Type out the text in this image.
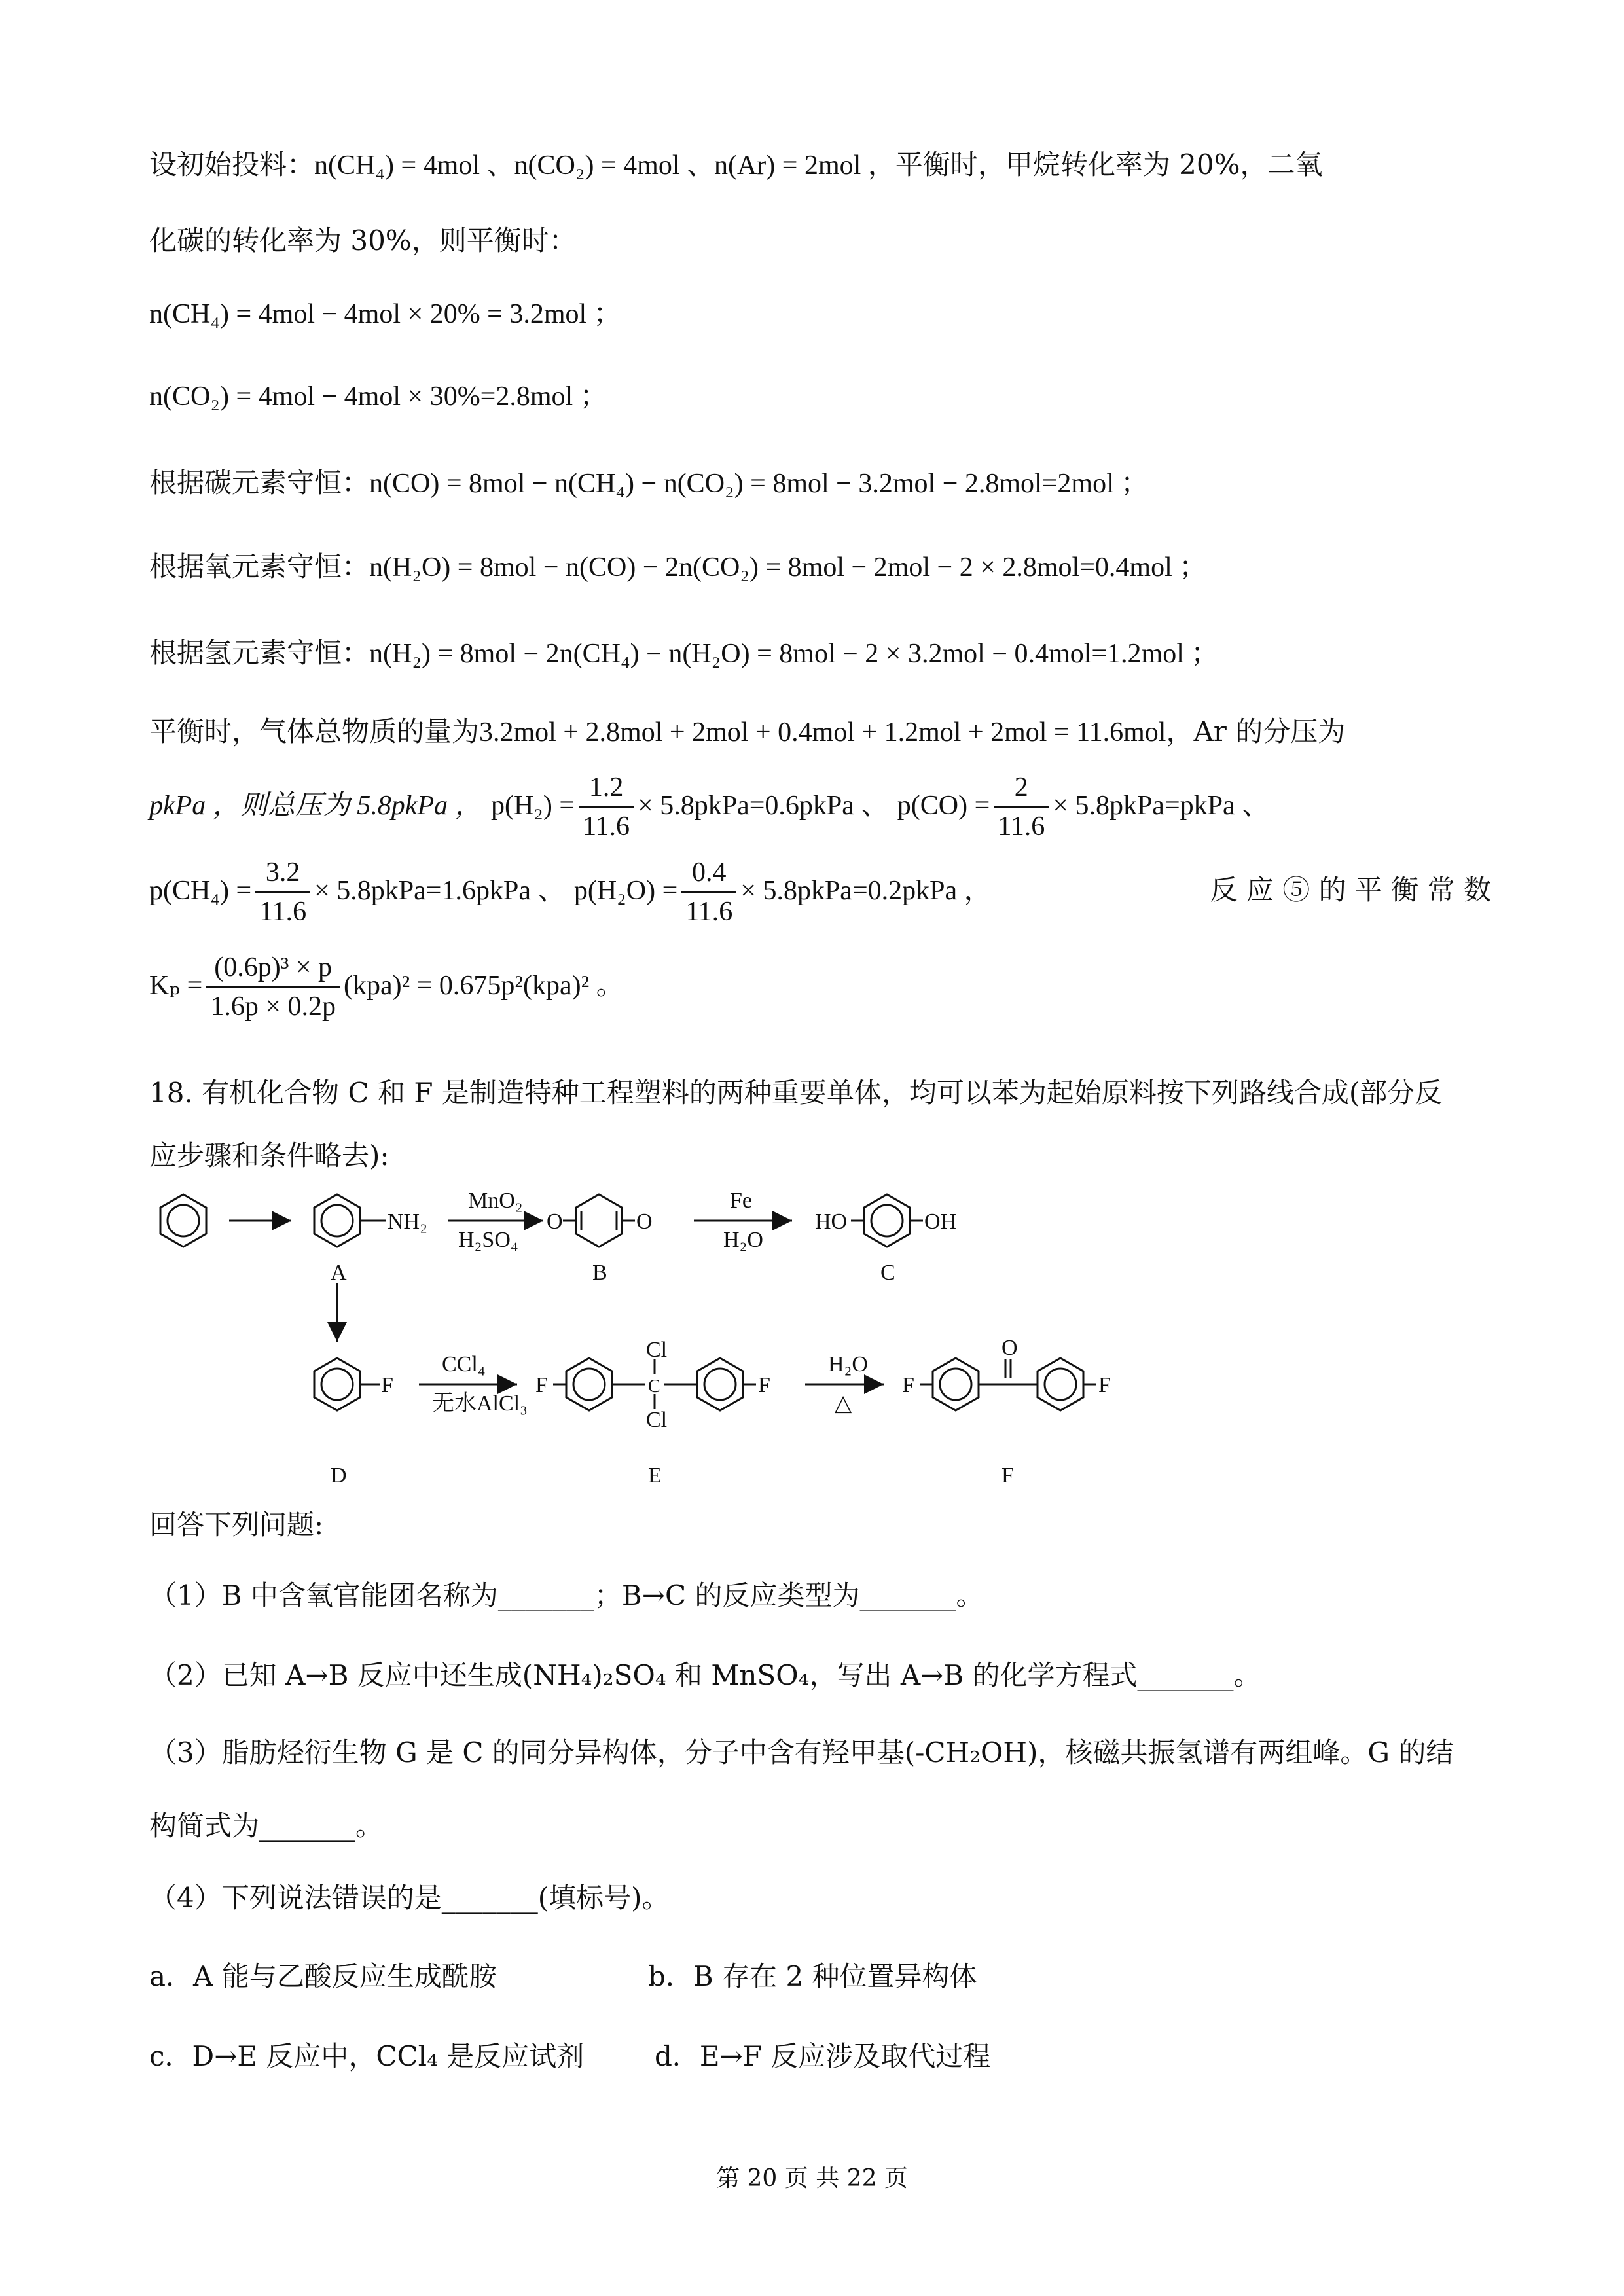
设初始投料：n(CH₄) = 4mol 、n(CO₂) = 4mol 、n(Ar) = 2mol ，平衡时，甲烷转化率为 20%，二氧
化碳的转化率为 30%，则平衡时：
n(CH₄) = 4mol − 4mol × 20% = 3.2mol ；
n(CO₂) = 4mol − 4mol × 30%=2.8mol ；
根据碳元素守恒：n(CO) = 8mol − n(CH₄) − n(CO₂) = 8mol − 3.2mol − 2.8mol=2mol ；
根据氧元素守恒：n(H₂O) = 8mol − n(CO) − 2n(CO₂) = 8mol − 2mol − 2 × 2.8mol=0.4mol ；
根据氢元素守恒：n(H₂) = 8mol − 2n(CH₄) − n(H₂O) = 8mol − 2 × 3.2mol − 0.4mol=1.2mol ；
平衡时，气体总物质的量为3.2mol + 2.8mol + 2mol + 0.4mol + 1.2mol + 2mol = 11.6mol，Ar 的分压为
pkPa ，则总压为 5.8pkPa ， $p(H_2) = \frac{1.2}{11.6}$ × 5.8pkPa=0.6pkPa 、 $p(CO) = \frac{2}{11.6}$ × 5.8pkPa=pkPa 、
$p(CH_4) = \frac{3.2}{11.6}$ × 5.8pkPa=1.6pkPa 、 $p(H_2O) = \frac{0.4}{11.6}$ × 5.8pkPa=0.2pkPa ，	反 应 ⑤ 的 平 衡 常 数
$K_p = \frac{\text{(0.6p)³ × p}}{1.6p \times 0.2p} (kpa)^2 = 0.675p^2(kpa)^2$ 。
18. 有机化合物 C 和 F 是制造特种工程塑料的两种重要单体，均可以苯为起始原料按下列路线合成(部分反
应步骤和条件略去):
NH₂
MnO₂
H₂SO₄
O	O
Fe
H₂O
HO	OH
A	B	C
F
CCl₄
无水AlCl₃
F
Cl
C
Cl
F
H₂O
△
F
O
F
D	E	F
回答下列问题:
（1）B 中含氧官能团名称为_______；B→C 的反应类型为_______。
（2）已知 A→B 反应中还生成(NH₄)₂SO₄ 和 MnSO₄，写出 A→B 的化学方程式_______。
（3）脂肪烃衍生物 G 是 C 的同分异构体，分子中含有羟甲基(-CH₂OH)，核磁共振氢谱有两组峰。G 的结
构简式为_______。
（4）下列说法错误的是_______(填标号)。
a．A 能与乙酸反应生成酰胺	b．B 存在 2 种位置异构体
c．D→E 反应中，CCl₄ 是反应试剂	d．E→F 反应涉及取代过程
第 20 页 共 22 页
